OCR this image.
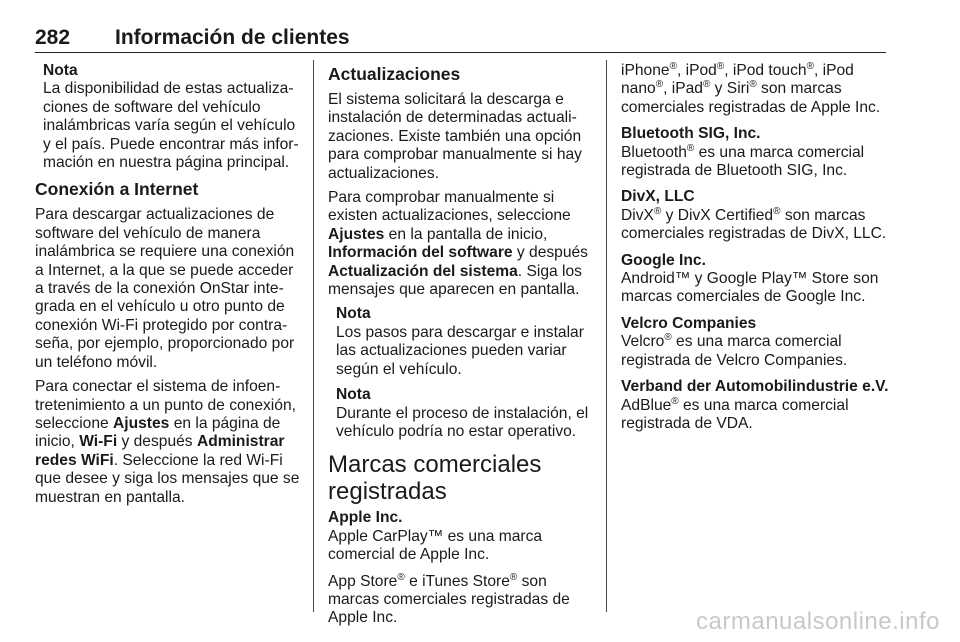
282 Información de clientes
Nota
La disponibilidad de estas actualiza- ciones de software del vehículo inalámbricas varía según el vehículo y el país. Puede encontrar más infor- mación en nuestra página principal.
Conexión a Internet

Para descargar actualizaciones de software del vehículo de manera inalámbrica se requiere una conexión a Internet, a la que se puede acceder a través de la conexión OnStar inte- grada en el vehículo u otro punto de conexión Wi-Fi protegido por contra- seña, por ejemplo, proporcionado por un teléfono móvil.

Para conectar el sistema de infoen- tretenimiento a un punto de conexión, seleccione Ajustes en la página de inicio, Wi-Fi y después Administrar redes WiFi. Seleccione la red Wi-Fi que desee y siga los mensajes que se muestran en pantalla.

Actualizaciones

El sistema solicitará la descarga e instalación de determinadas actuali- zaciones. Existe también una opción para comprobar manualmente si hay actualizaciones.

Para comprobar manualmente si existen actualizaciones, seleccione Ajustes en la pantalla de inicio, Información del software y después Actualización del sistema. Siga los mensajes que aparecen en pantalla.

Nota
Los pasos para descargar e instalar las actualizaciones pueden variar según el vehículo.
Nota
Durante el proceso de instalación, el vehículo podría no estar operativo.
Marcas comerciales registradas
Apple Inc.
Apple CarPlay™ es una marca comercial de Apple Inc.
App Store® e iTunes Store® son marcas comerciales registradas de Apple Inc.
iPhone®, iPod®, iPod touch®, iPod nano®, iPad® y Siri® son marcas comerciales registradas de Apple Inc.
Bluetooth SIG, Inc.
Bluetooth® es una marca comercial registrada de Bluetooth SIG, Inc.
DivX, LLC
DivX® y DivX Certified® son marcas comerciales registradas de DivX, LLC.
Google Inc.
Android™ y Google Play™ Store son marcas comerciales de Google Inc.
Velcro Companies
Velcro® es una marca comercial registrada de Velcro Companies.
Verband der Automobilindustrie e.V.
AdBlue® es una marca comercial registrada de VDA.
carmanualsonline.info
